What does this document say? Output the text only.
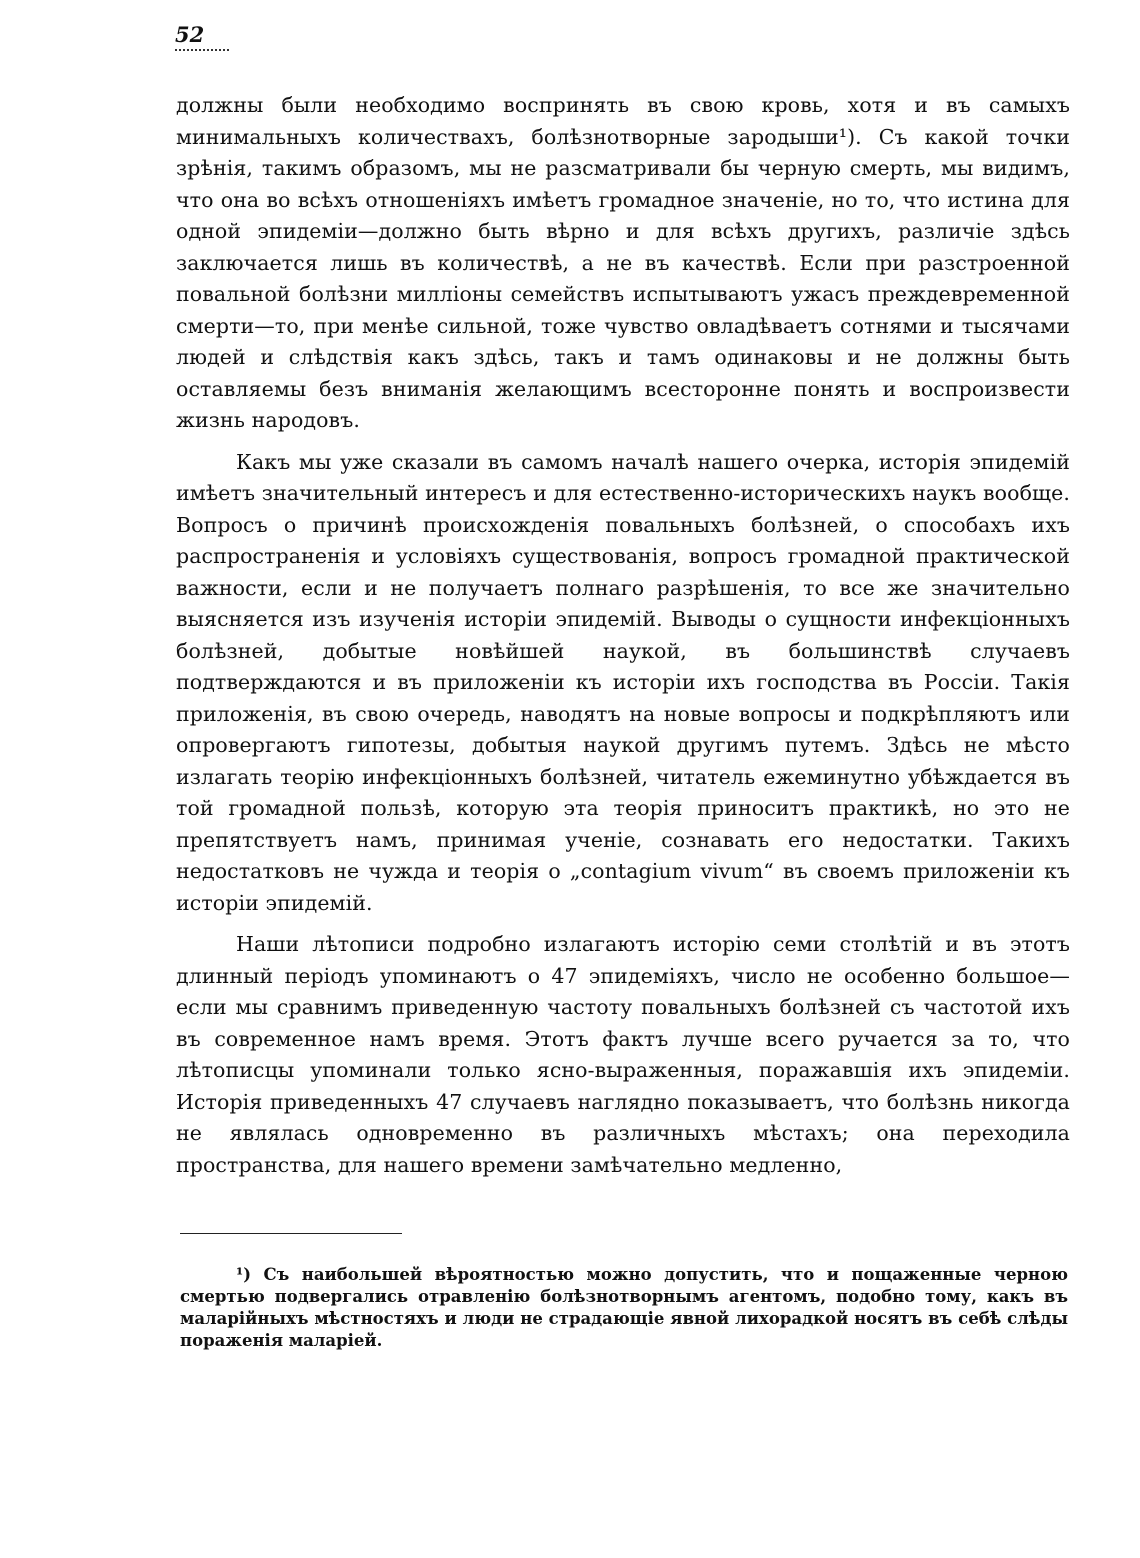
52

должны были необходимо воспринять въ свою кровь, хотя и въ самыхъ минимальныхъ количествахъ, болѣзнотворные зародыши¹). Съ какой точки зрѣнія, такимъ образомъ, мы не разсматривали бы черную смерть, мы видимъ, что она во всѣхъ отношеніяхъ имѣетъ громадное значеніе, но то, что истина для одной эпидеміи—должно быть вѣрно и для всѣхъ другихъ, различіе здѣсь заключается лишь въ количествѣ, а не въ качествѣ. Если при разстроенной повальной болѣзни милліоны семействъ испытываютъ ужасъ преждевременной смерти—то, при менѣе сильной, тоже чувство овладѣваетъ сотнями и тысячами людей и слѣдствія какъ здѣсь, такъ и тамъ одинаковы и не должны быть оставляемы безъ вниманія желающимъ всесторонне понять и воспроизвести жизнь народовъ.

Какъ мы уже сказали въ самомъ началѣ нашего очерка, исторія эпидемій имѣетъ значительный интересъ и для естественно-историческихъ наукъ вообще. Вопросъ о причинѣ происхожденія повальныхъ болѣзней, о способахъ ихъ распространенія и условіяхъ существованія, вопросъ громадной практической важности, если и не получаетъ полнаго разрѣшенія, то все же значительно выясняется изъ изученія исторіи эпидемій. Выводы о сущности инфекціонныхъ болѣзней, добытые новѣйшей наукой, въ большинствѣ случаевъ подтверждаются и въ приложеніи къ исторіи ихъ господства въ Россіи. Такія приложенія, въ свою очередь, наводятъ на новые вопросы и подкрѣпляютъ или опровергаютъ гипотезы, добытыя наукой другимъ путемъ. Здѣсь не мѣсто излагать теорію инфекціонныхъ болѣзней, читатель ежеминутно убѣждается въ той громадной пользѣ, которую эта теорія приноситъ практикѣ, но это не препятствуетъ намъ, принимая ученіе, сознавать его недостатки. Такихъ недостатковъ не чужда и теорія о „contagium vivum“ въ своемъ приложеніи къ исторіи эпидемій.

Наши лѣтописи подробно излагаютъ исторію семи столѣтій и въ этотъ длинный періодъ упоминаютъ о 47 эпидеміяхъ, число не особенно большое—если мы сравнимъ приведенную частоту повальныхъ болѣзней съ частотой ихъ въ современное намъ время. Этотъ фактъ лучше всего ручается за то, что лѣтописцы упоминали только ясно-выраженныя, поражавшія ихъ эпидеміи. Исторія приведенныхъ 47 случаевъ наглядно показываетъ, что болѣзнь никогда не являлась одновременно въ различныхъ мѣстахъ; она переходила пространства, для нашего времени замѣчательно медленно,

¹) Съ наибольшей вѣроятностью можно допустить, что и пощаженные черною смертью подвергались отравленію болѣзнотворнымъ агентомъ, подобно тому, какъ въ маларійныхъ мѣстностяхъ и люди не страдающіе явной лихорадкой носятъ въ себѣ слѣды пораженія маларіей.
